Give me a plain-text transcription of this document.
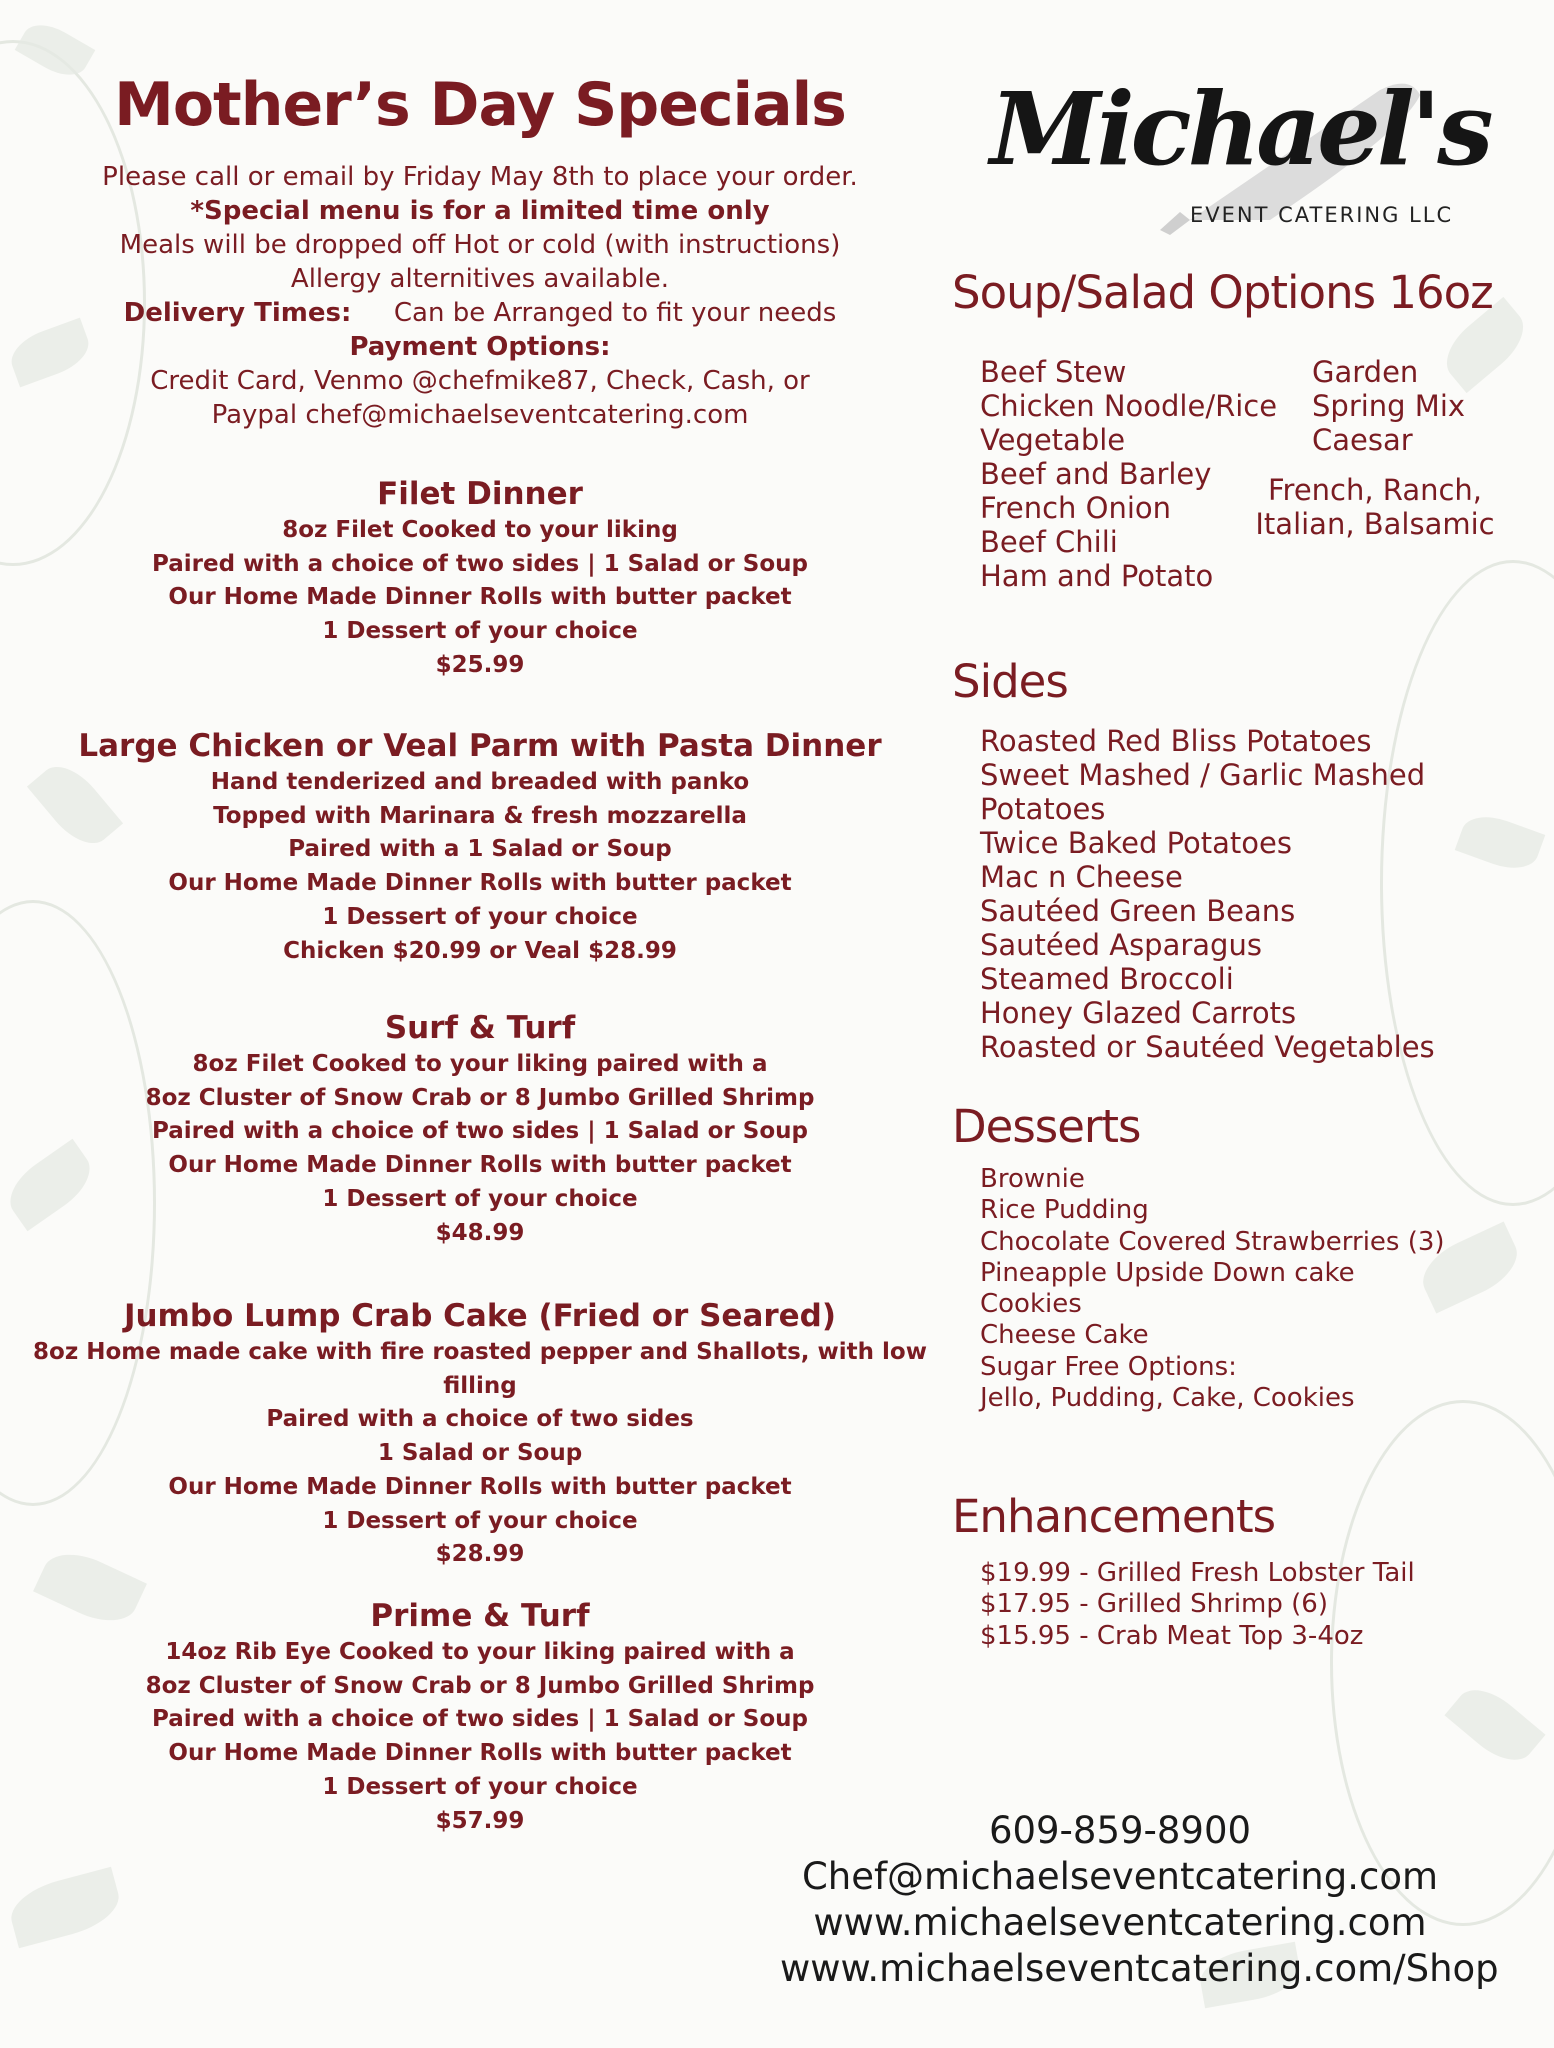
Mother’s Day Specials
Please call or email by Friday May 8th to place your order.
*Special menu is for a limited time only
Meals will be dropped off Hot or cold (with instructions)
Allergy alternitives available.
Delivery Times: Can be Arranged to fit your needs
Payment Options:
Credit Card, Venmo @chefmike87, Check, Cash, or
Paypal chef@michaelseventcatering.com
Filet Dinner
8oz Filet Cooked to your liking
Paired with a choice of two sides | 1 Salad or Soup
Our Home Made Dinner Rolls with butter packet
1 Dessert of your choice
$25.99
Large Chicken or Veal Parm with Pasta Dinner
Hand tenderized and breaded with panko
Topped with Marinara & fresh mozzarella
Paired with a 1 Salad or Soup
Our Home Made Dinner Rolls with butter packet
1 Dessert of your choice
Chicken $20.99 or Veal $28.99
Surf & Turf
8oz Filet Cooked to your liking paired with a
8oz Cluster of Snow Crab or 8 Jumbo Grilled Shrimp
Paired with a choice of two sides | 1 Salad or Soup
Our Home Made Dinner Rolls with butter packet
1 Dessert of your choice
$48.99
Jumbo Lump Crab Cake (Fried or Seared)
8oz Home made cake with fire roasted pepper and Shallots, with low filling
Paired with a choice of two sides
1 Salad or Soup
Our Home Made Dinner Rolls with butter packet
1 Dessert of your choice
$28.99
Prime & Turf
14oz Rib Eye Cooked to your liking paired with a
8oz Cluster of Snow Crab or 8 Jumbo Grilled Shrimp
Paired with a choice of two sides | 1 Salad or Soup
Our Home Made Dinner Rolls with butter packet
1 Dessert of your choice
$57.99
Michael's
EVENT CATERING LLC
Soup/Salad Options 16oz
Beef Stew
Chicken Noodle/Rice
Vegetable
Beef and Barley
French Onion
Beef Chili
Ham and Potato
Garden
Spring Mix
Caesar
French, Ranch,
Italian, Balsamic
Sides
Roasted Red Bliss Potatoes
Sweet Mashed / Garlic Mashed Potatoes
Twice Baked Potatoes
Mac n Cheese
Sautéed Green Beans
Sautéed Asparagus
Steamed Broccoli
Honey Glazed Carrots
Roasted or Sautéed Vegetables
Desserts
Brownie
Rice Pudding
Chocolate Covered Strawberries (3)
Pineapple Upside Down cake
Cookies
Cheese Cake
Sugar Free Options:
Jello, Pudding, Cake, Cookies
Enhancements
$19.99 - Grilled Fresh Lobster Tail
$17.95 - Grilled Shrimp (6)
$15.95 - Crab Meat Top 3-4oz
609-859-8900
Chef@michaelseventcatering.com
www.michaelseventcatering.com
www.michaelseventcatering.com/Shop
